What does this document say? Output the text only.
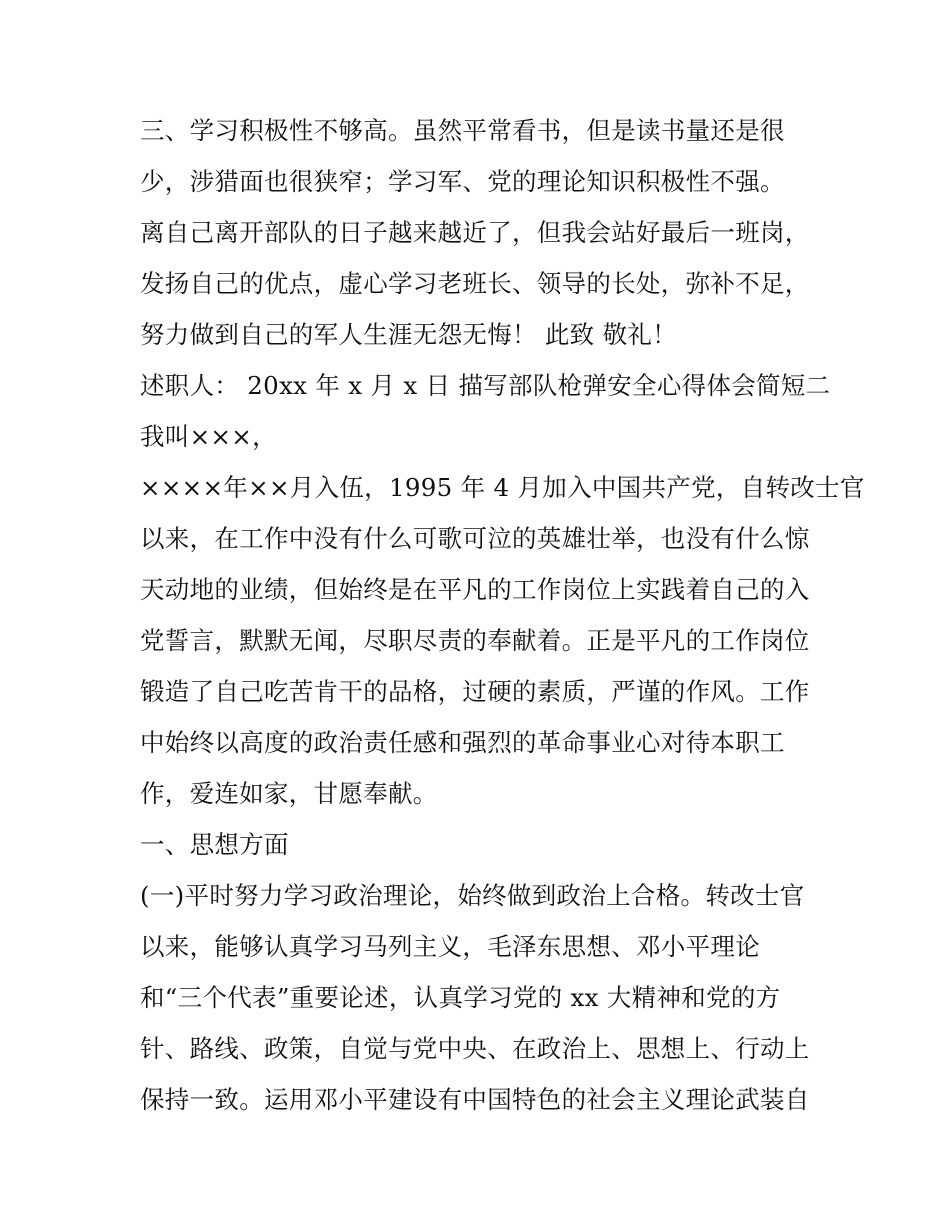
三、学习积极性不够高。虽然平常看书，但是读书量还是很
少，涉猎面也很狭窄；学习军、党的理论知识积极性不强。
离自己离开部队的日子越来越近了，但我会站好最后一班岗，
发扬自己的优点，虚心学习老班长、领导的长处，弥补不足，
努力做到自己的军人生涯无怨无悔！ 此致 敬礼！
述职人： 20xx 年 x 月 x 日 描写部队枪弹安全心得体会简短二
我叫×××，
××××年××月入伍，1995 年 4 月加入中国共产党，自转改士官
以来，在工作中没有什么可歌可泣的英雄壮举，也没有什么惊
天动地的业绩，但始终是在平凡的工作岗位上实践着自己的入
党誓言，默默无闻，尽职尽责的奉献着。正是平凡的工作岗位
锻造了自己吃苦肯干的品格，过硬的素质，严谨的作风。工作
中始终以高度的政治责任感和强烈的革命事业心对待本职工
作，爱连如家，甘愿奉献。
一、思想方面
(一)平时努力学习政治理论，始终做到政治上合格。转改士官
以来，能够认真学习马列主义，毛泽东思想、邓小平理论
和“三个代表”重要论述，认真学习党的 xx 大精神和党的方
针、路线、政策，自觉与党中央、在政治上、思想上、行动上
保持一致。运用邓小平建设有中国特色的社会主义理论武装自
